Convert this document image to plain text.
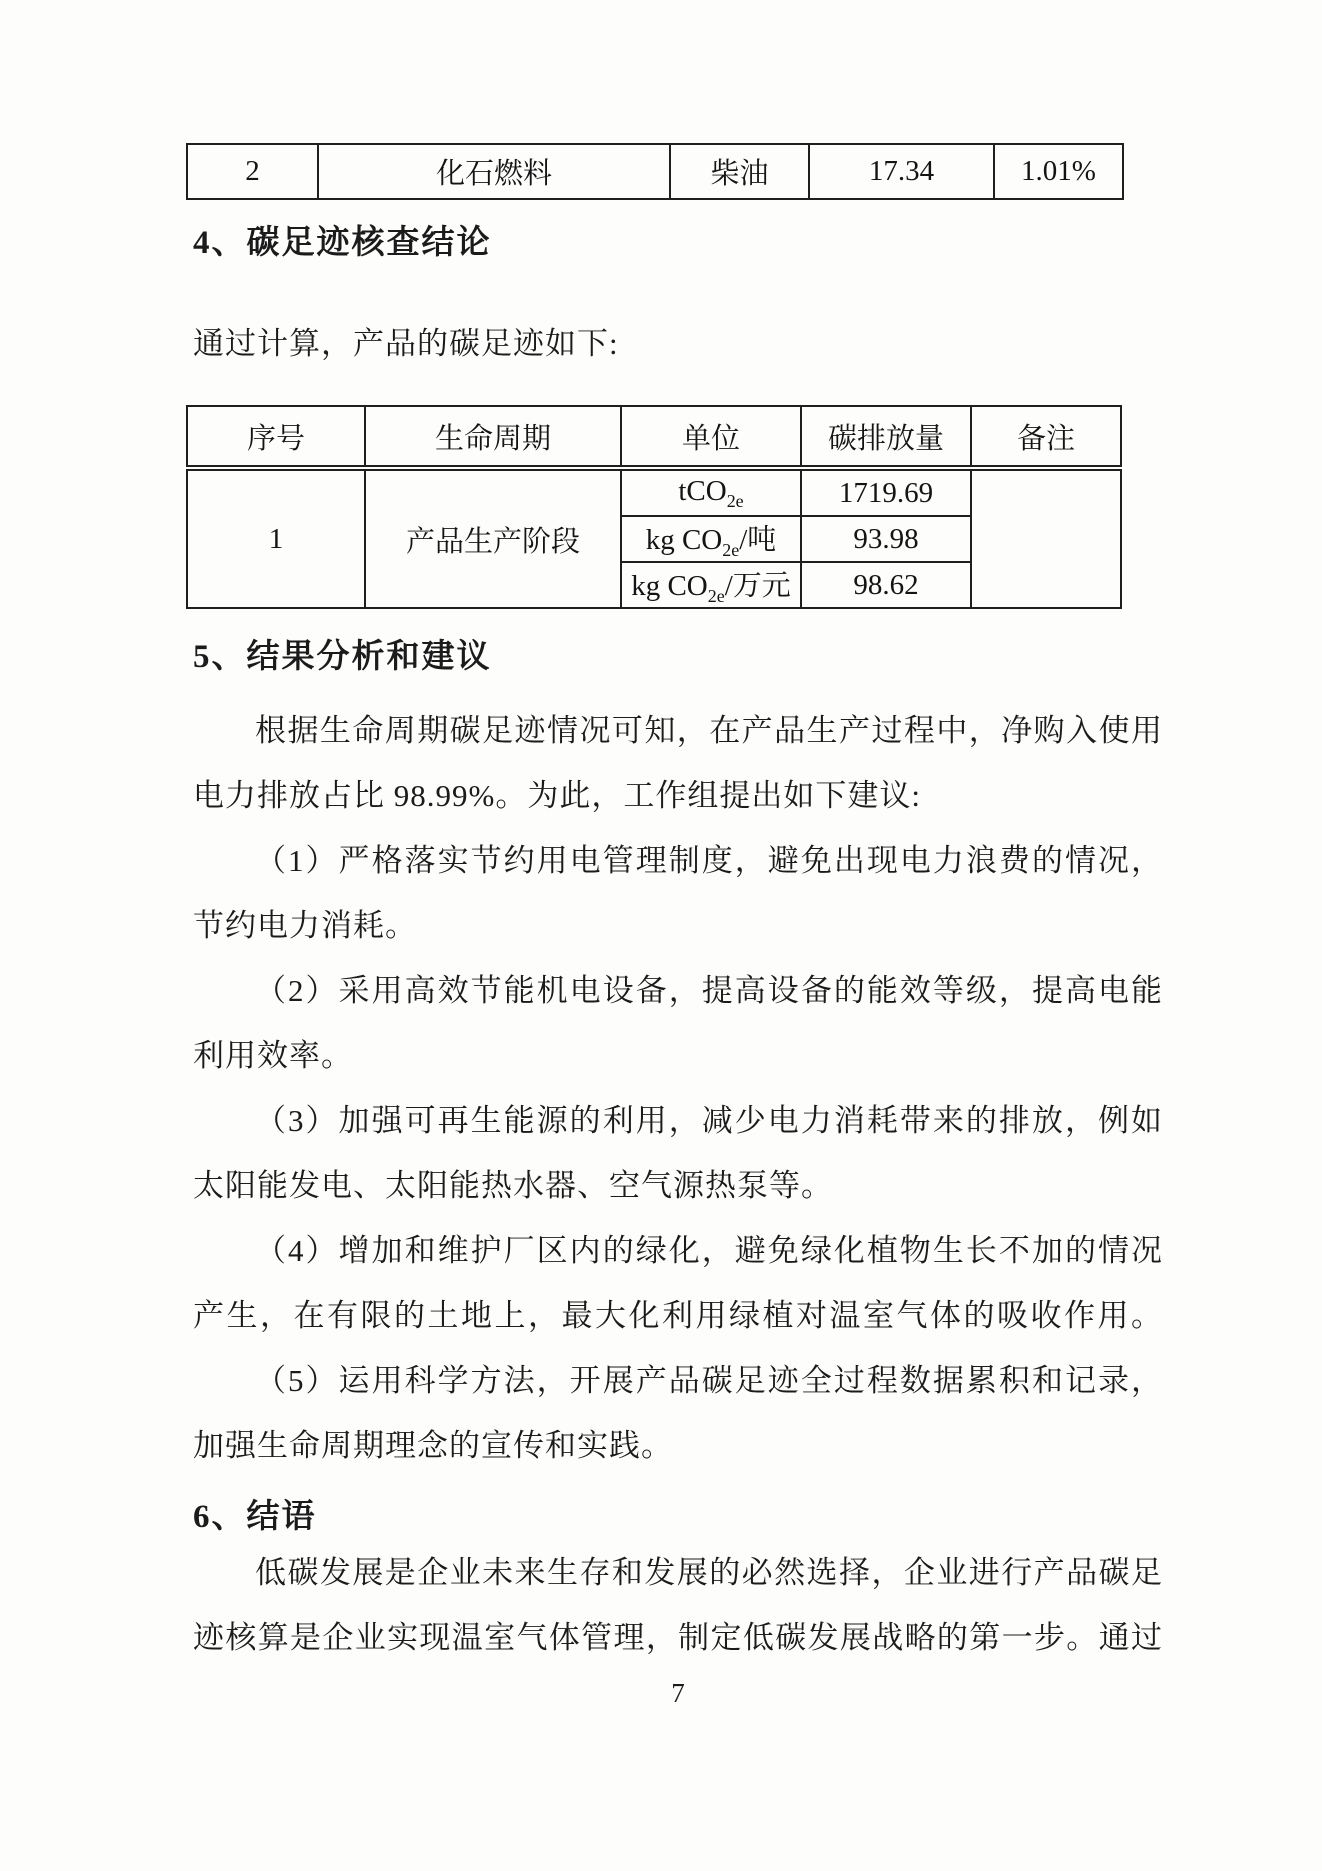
2	化石燃料	柴油	17.34	1.01%
4、碳足迹核查结论
通过计算，产品的碳足迹如下:
序号	生命周期	单位	碳排放量	备注
1	产品生产阶段	tCO$_{2e}$	1719.69	
		kg $CO_{2e}/$吨	93.98	
		kg $CO_{2e}/$万元	98.62	
5、结果分析和建议
根据生命周期碳足迹情况可知，在产品生产过程中，净购入使用
电力排放占比 98.99%。为此，工作组提出如下建议:
（1）严格落实节约用电管理制度，避免出现电力浪费的情况，
节约电力消耗。
（2）采用高效节能机电设备，提高设备的能效等级，提高电能
利用效率。
（3）加强可再生能源的利用，减少电力消耗带来的排放，例如
太阳能发电、太阳能热水器、空气源热泵等。
（4）增加和维护厂区内的绿化，避免绿化植物生长不加的情况
产生，在有限的土地上，最大化利用绿植对温室气体的吸收作用。
（5）运用科学方法，开展产品碳足迹全过程数据累积和记录，
加强生命周期理念的宣传和实践。
6、结语
低碳发展是企业未来生存和发展的必然选择，企业进行产品碳足
迹核算是企业实现温室气体管理，制定低碳发展战略的第一步。通过
7
